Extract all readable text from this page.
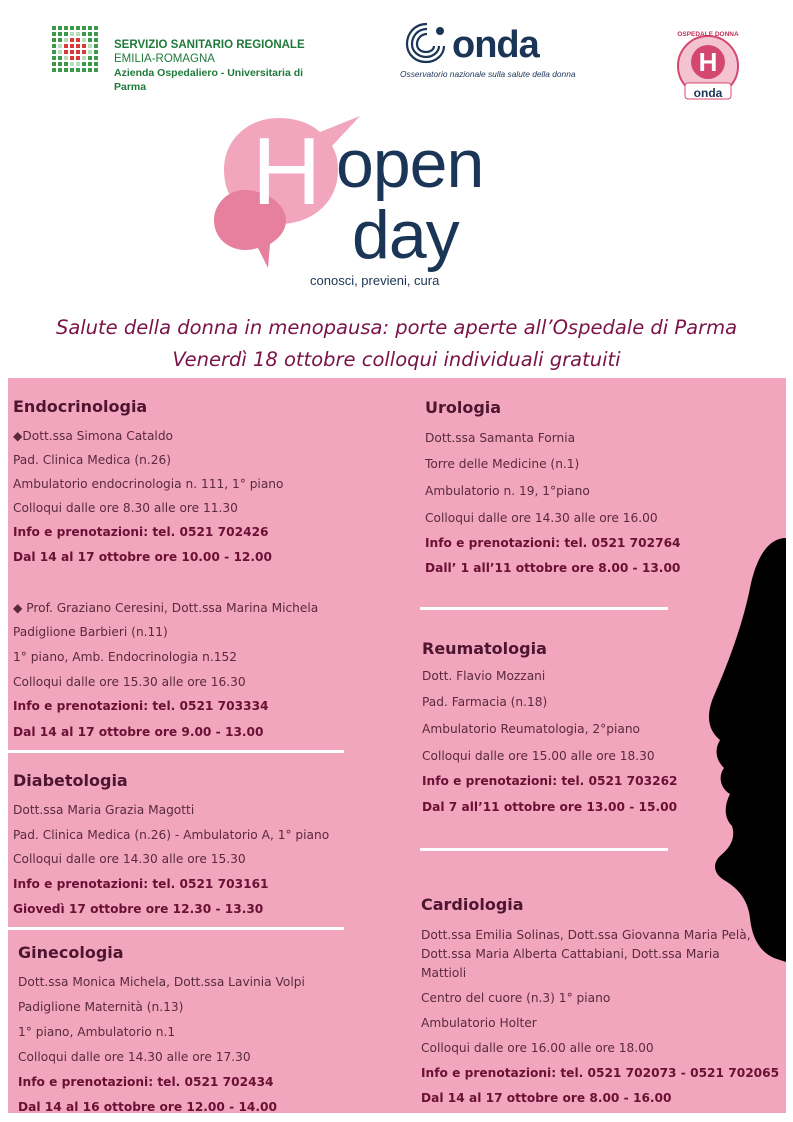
SERVIZIO SANITARIO REGIONALE
EMILIA-ROMAGNA
Azienda Ospedaliero - Universitaria di Parma
onda
Osservatorio nazionale sulla salute della donna
OSPEDALE DONNA
H
onda
H open
day
conosci, previeni, cura
Salute della donna in menopausa: porte aperte all’Ospedale di Parma
Venerdì 18 ottobre colloqui individuali gratuiti
Endocrinologia
◆Dott.ssa Simona Cataldo
Pad. Clinica Medica (n.26)
Ambulatorio endocrinologia n. 111, 1° piano
Colloqui dalle ore 8.30 alle ore 11.30
Info e prenotazioni: tel. 0521 702426
Dal 14 al 17 ottobre ore 10.00 - 12.00
◆ Prof. Graziano Ceresini, Dott.ssa Marina Michela
Padiglione Barbieri (n.11)
1° piano, Amb. Endocrinologia n.152
Colloqui dalle ore 15.30 alle ore 16.30
Info e prenotazioni: tel. 0521 703334
Dal 14 al 17 ottobre ore 9.00 - 13.00
Diabetologia
Dott.ssa Maria Grazia Magotti
Pad. Clinica Medica (n.26) - Ambulatorio A, 1° piano
Colloqui dalle ore 14.30 alle ore 15.30
Info e prenotazioni: tel. 0521 703161
Giovedì 17 ottobre ore 12.30 - 13.30
Ginecologia
Dott.ssa Monica Michela, Dott.ssa Lavinia Volpi
Padiglione Maternità (n.13)
1° piano, Ambulatorio n.1
Colloqui dalle ore 14.30 alle ore 17.30
Info e prenotazioni: tel. 0521 702434
Dal 14 al 16 ottobre ore 12.00 - 14.00
Urologia
Dott.ssa Samanta Fornia
Torre delle Medicine (n.1)
Ambulatorio n. 19, 1°piano
Colloqui dalle ore 14.30 alle ore 16.00
Info e prenotazioni: tel. 0521 702764
Dall’ 1 all’11 ottobre ore 8.00 - 13.00
Reumatologia
Dott. Flavio Mozzani
Pad. Farmacia (n.18)
Ambulatorio Reumatologia, 2°piano
Colloqui dalle ore 15.00 alle ore 18.30
Info e prenotazioni: tel. 0521 703262
Dal 7 all’11 ottobre ore 13.00 - 15.00
Cardiologia
Dott.ssa Emilia Solinas, Dott.ssa Giovanna Maria Pelà,
Dott.ssa Maria Alberta Cattabiani, Dott.ssa Maria
Mattioli
Centro del cuore (n.3) 1° piano
Ambulatorio Holter
Colloqui dalle ore 16.00 alle ore 18.00
Info e prenotazioni: tel. 0521 702073 - 0521 702065
Dal 14 al 17 ottobre ore 8.00 - 16.00
